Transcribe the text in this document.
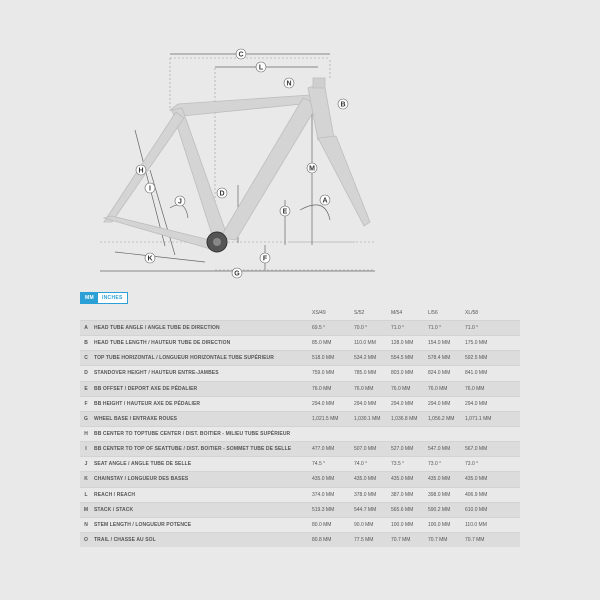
C
L
N
B
M
A
D
E
F
G
H
I
J
K
MM	INCHES
		XS/49	S/52	M/54	L/56	XL/58
A	HEAD TUBE ANGLE / ANGLE TUBE DE DIRECTION	69.5 °	70.0 °	71.0 °	71.0 °	71.0 °
B	HEAD TUBE LENGTH / HAUTEUR TUBE DE DIRECTION	85.0 MM	110.0 MM	128.0 MM	154.0 MM	175.0 MM
C	TOP TUBE HORIZONTAL / LONGUEUR HORIZONTALE TUBE SUPÉRIEUR	518.0 MM	534.2 MM	554.5 MM	578.4 MM	592.5 MM
D	STANDOVER HEIGHT / HAUTEUR ENTRE-JAMBES	759.0 MM	785.0 MM	803.0 MM	824.0 MM	841.0 MM
E	BB OFFSET / DEPORT AXE DE PÉDALIER	76.0 MM	76.0 MM	76.0 MM	76.0 MM	76.0 MM
F	BB HEIGHT / HAUTEUR AXE DE PÉDALIER	294.0 MM	294.0 MM	294.0 MM	294.0 MM	294.0 MM
G	WHEEL BASE / ENTRAXE ROUES	1,021.5 MM	1,030.1 MM	1,036.8 MM	1,056.2 MM	1,071.1 MM
H	BB CENTER TO TOPTUBE CENTER / DIST. BOITIER - MILIEU TUBE SUPÉRIEUR					
I	BB CENTER TO TOP OF SEATTUBE / DIST. BOITIER - SOMMET TUBE DE SELLE	477.0 MM	507.0 MM	527.0 MM	547.0 MM	567.0 MM
J	SEAT ANGLE / ANGLE TUBE DE SELLE	74.5 °	74.0 °	73.5 °	73.0 °	73.0 °
K	CHAINSTAY / LONGUEUR DES BASES	435.0 MM	435.0 MM	435.0 MM	435.0 MM	435.0 MM
L	REACH / REACH	374.0 MM	378.0 MM	387.0 MM	398.0 MM	406.9 MM
M	STACK / STACK	519.3 MM	544.7 MM	565.6 MM	590.2 MM	610.0 MM
N	STEM LENGTH / LONGUEUR POTENCE	80.0 MM	90.0 MM	100.0 MM	100.0 MM	110.0 MM
O	TRAIL / CHASSE AU SOL	80.8 MM	77.5 MM	70.7 MM	70.7 MM	70.7 MM
